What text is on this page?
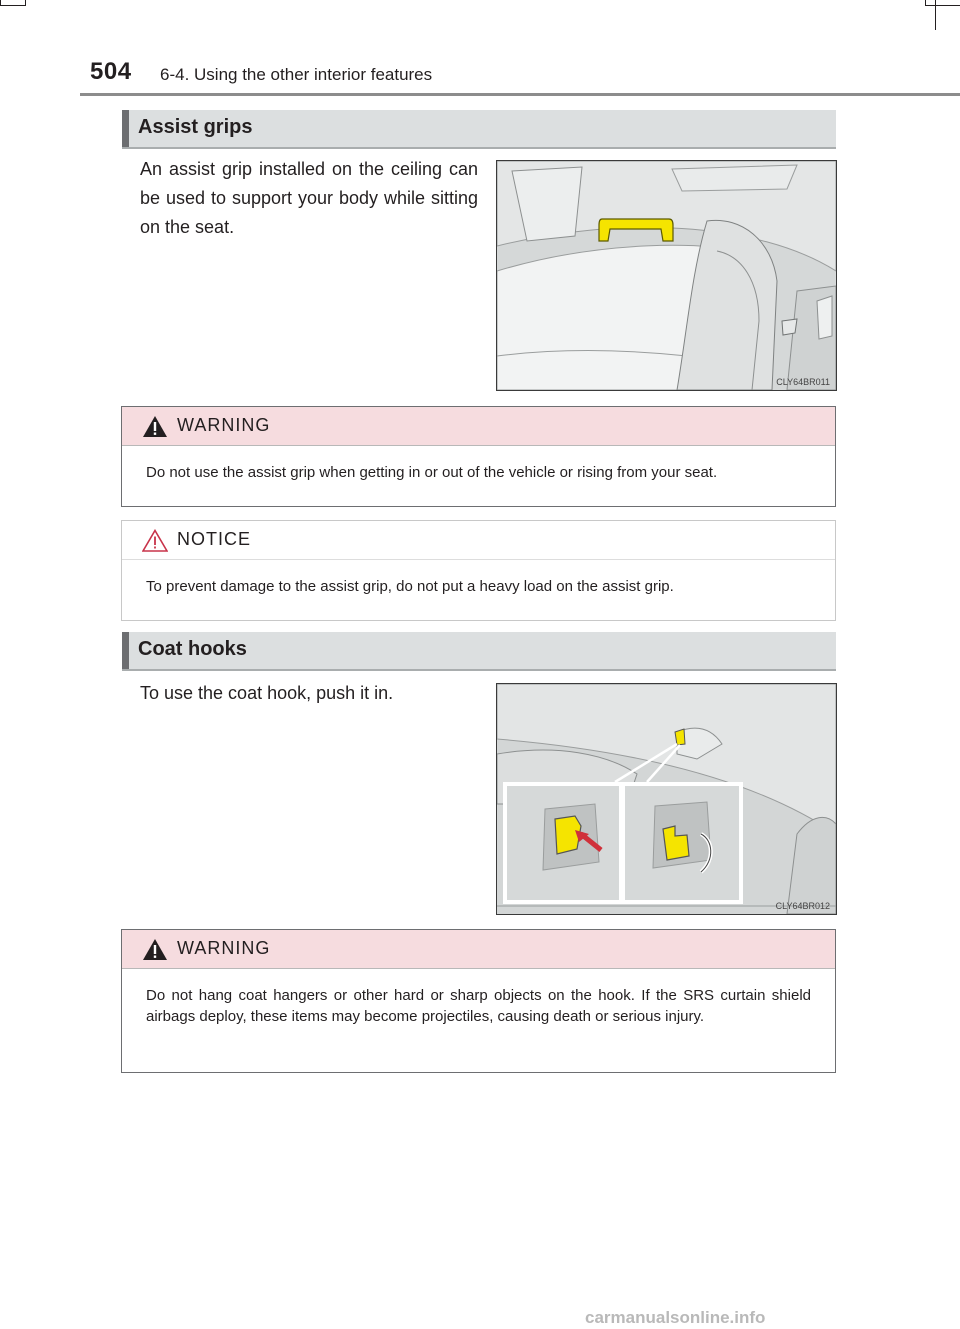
504 6-4. Using the other interior features
Assist grips
An assist grip installed on the ceiling can be used to support your body while sitting on the seat.
CLY64BR011
WARNING
Do not use the assist grip when getting in or out of the vehicle or rising from your seat.
NOTICE
To prevent damage to the assist grip, do not put a heavy load on the assist grip.
Coat hooks
To use the coat hook, push it in.
CLY64BR012
WARNING
Do not hang coat hangers or other hard or sharp objects on the hook. If the SRS curtain shield airbags deploy, these items may become projectiles, causing death or serious injury.
carmanualsonline.info
